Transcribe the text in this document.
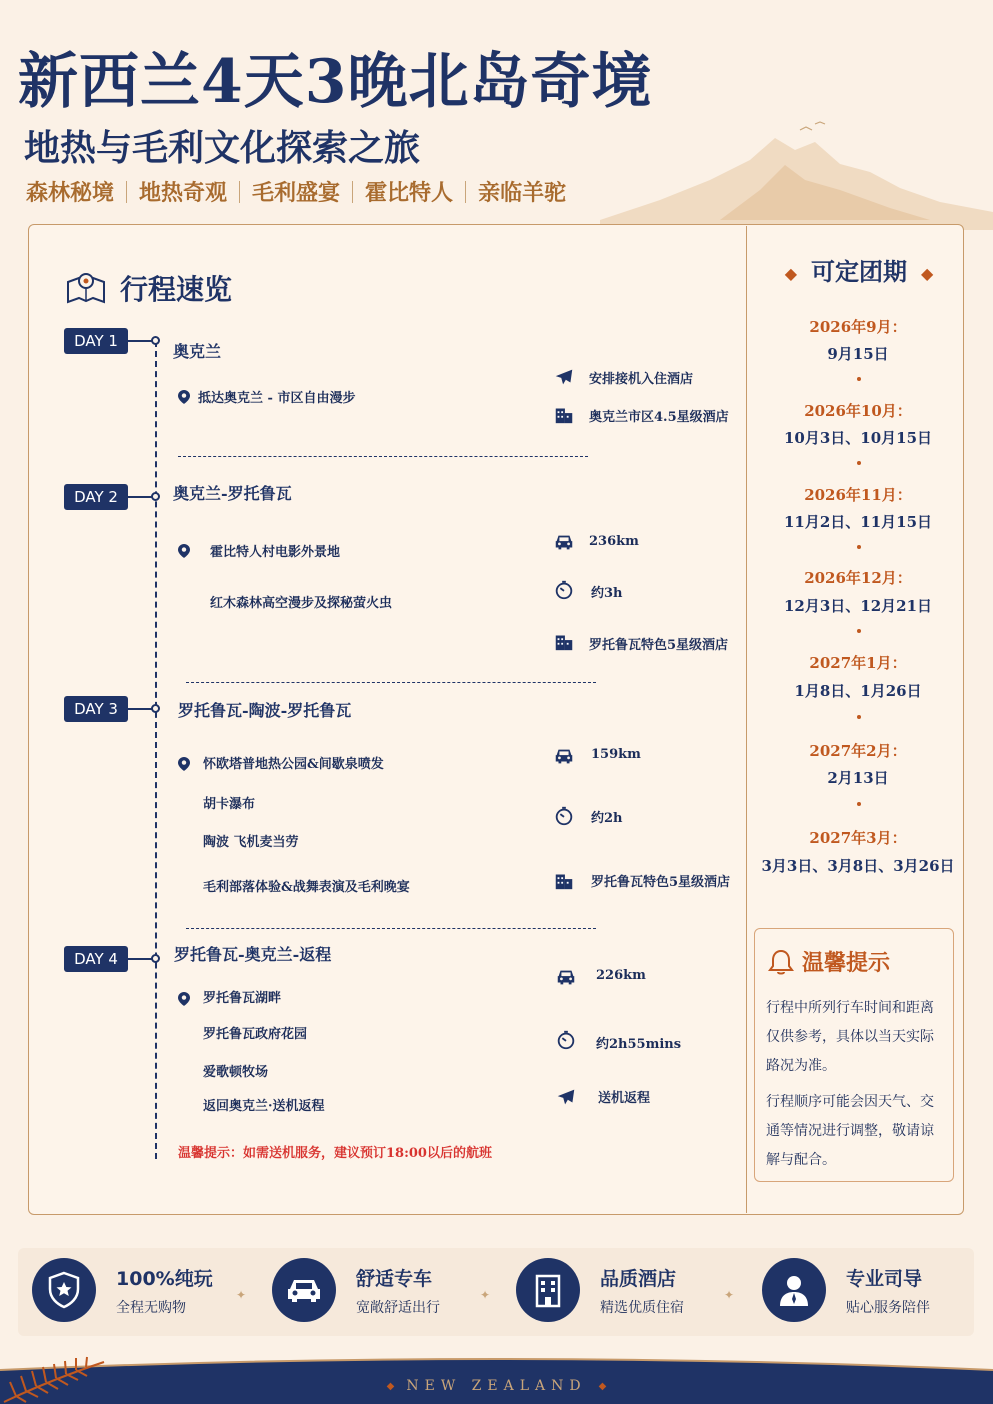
新西兰4天3晚北岛奇境
地热与毛利文化探索之旅
森林秘境 地热奇观 毛利盛宴 霍比特人 亲临羊驼
行程速览
DAY 1
奥克兰
抵达奥克兰 - 市区自由漫步
安排接机入住酒店
奥克兰市区4.5星级酒店
DAY 2	奥克兰-罗托鲁瓦
霍比特人村电影外景地
红木森林高空漫步及探秘萤火虫
236km
约3h
罗托鲁瓦特色5星级酒店
DAY 3	罗托鲁瓦-陶波-罗托鲁瓦
怀欧塔普地热公园&间歇泉喷发
胡卡瀑布
陶波 飞机麦当劳
毛利部落体验&战舞表演及毛利晚宴
159km
约2h
罗托鲁瓦特色5星级酒店
DAY 4	罗托鲁瓦-奥克兰-返程
罗托鲁瓦湖畔
罗托鲁瓦政府花园
爱歌顿牧场
返回奥克兰·送机返程
226km
约2h55mins
送机返程
温馨提示：如需送机服务，建议预订18:00以后的航班
◆ 可定团期 ◆
2026年9月：
9月15日
2026年10月：
10月3日、10月15日
2026年11月：
11月2日、11月15日
2026年12月：
12月3日、12月21日
2027年1月：
1月8日、1月26日
2027年2月：
2月13日
2027年3月：
3月3日、3月8日、3月26日
温馨提示
行程中所列行车时间和距离仅供参考，具体以当天实际路况为准。
行程顺序可能会因天气、交通等情况进行调整，敬请谅解与配合。
100%纯玩
全程无购物
✦
舒适专车
宽敞舒适出行
✦
品质酒店
精选优质住宿
✦
专业司导
贴心服务陪伴
◆ NEW ZEALAND ◆
